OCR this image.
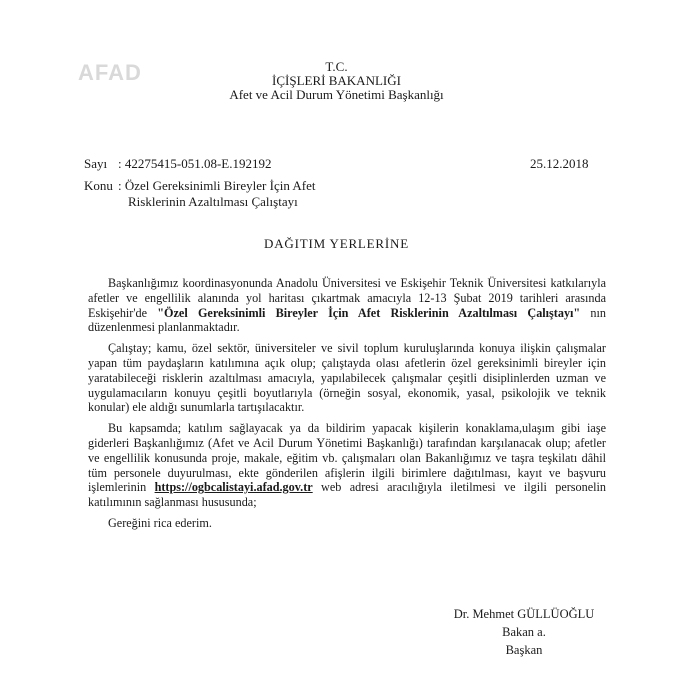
AFAD	T.C.
İÇİŞLERİ BAKANLIĞI
Afet ve Acil Durum Yönetimi Başkanlığı
Sayı : 42275415-051.08-E.192192	25.12.2018
Konu : Özel Gereksinimli Bireyler İçin Afet
Risklerinin Azaltılması Çalıştayı
DAĞITIM YERLERİNE

Başkanlığımız koordinasyonunda Anadolu Üniversitesi ve Eskişehir Teknik Üniversitesi katkılarıyla afetler ve engellilik alanında yol haritası çıkartmak amacıyla 12-13 Şubat 2019 tarihleri arasında Eskişehir'de "Özel Gereksinimli Bireyler İçin Afet Risklerinin Azaltılması Çalıştayı" nın düzenlenmesi planlanmaktadır.

Çalıştay; kamu, özel sektör, üniversiteler ve sivil toplum kuruluşlarında konuya ilişkin çalışmalar yapan tüm paydaşların katılımına açık olup; çalıştayda olası afetlerin özel gereksinimli bireyler için yaratabileceği risklerin azaltılması amacıyla, yapılabilecek çalışmalar çeşitli disiplinlerden uzman ve uygulamacıların konuyu çeşitli boyutlarıyla (örneğin sosyal, ekonomik, yasal, psikolojik ve teknik konular) ele aldığı sunumlarla tartışılacaktır.

Bu kapsamda; katılım sağlayacak ya da bildirim yapacak kişilerin konaklama,ulaşım gibi iaşe giderleri Başkanlığımız (Afet ve Acil Durum Yönetimi Başkanlığı) tarafından karşılanacak olup; afetler ve engellilik konusunda proje, makale, eğitim vb. çalışmaları olan Bakanlığımız ve taşra teşkilatı dâhil tüm personele duyurulması, ekte gönderilen afişlerin ilgili birimlere dağıtılması, kayıt ve başvuru işlemlerinin https://ogbcalistayi.afad.gov.tr web adresi aracılığıyla iletilmesi ve ilgili personelin katılımının sağlanması hususunda;

Gereğini rica ederim.

Dr. Mehmet GÜLLÜOĞLU
Bakan a.
Başkan
